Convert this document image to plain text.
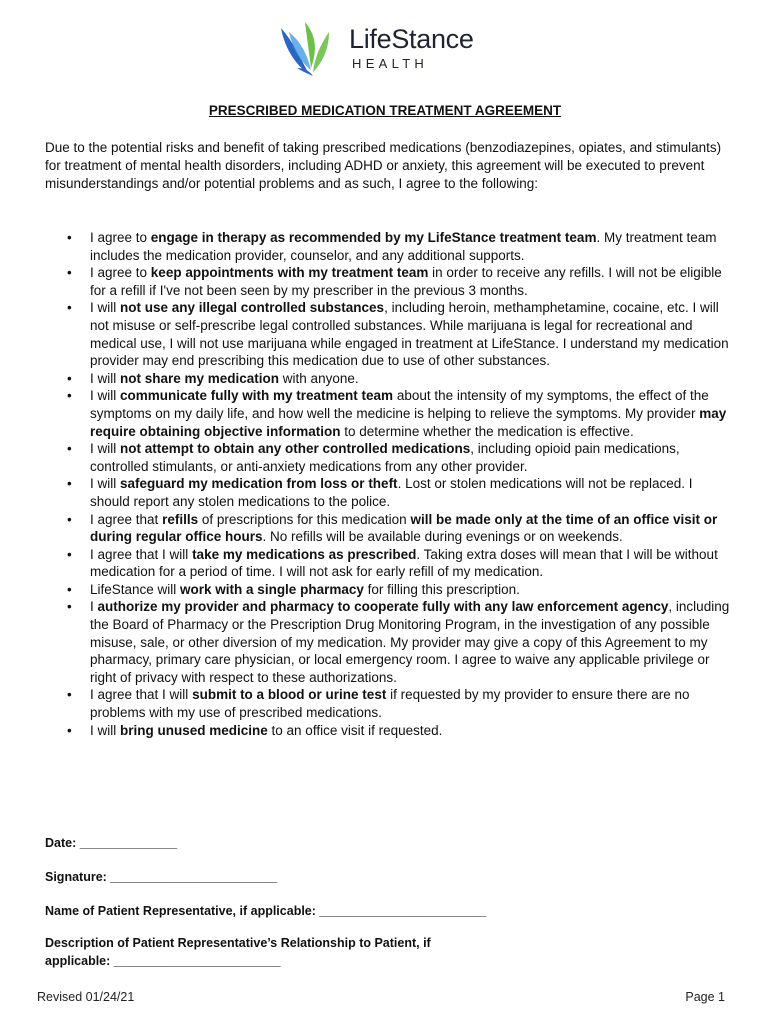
LifeStance
HEALTH
PRESCRIBED MEDICATION TREATMENT AGREEMENT

Due to the potential risks and benefit of taking prescribed medications (benzodiazepines, opiates, and stimulants) for treatment of mental health disorders, including ADHD or anxiety, this agreement will be executed to prevent misunderstandings and/or potential problems and as such, I agree to the following:

• I agree to engage in therapy as recommended by my LifeStance treatment team. My treatment team includes the medication provider, counselor, and any additional supports.
• I agree to keep appointments with my treatment team in order to receive any refills. I will not be eligible for a refill if I've not been seen by my prescriber in the previous 3 months.
• I will not use any illegal controlled substances, including heroin, methamphetamine, cocaine, etc. I will not misuse or self-prescribe legal controlled substances. While marijuana is legal for recreational and medical use, I will not use marijuana while engaged in treatment at LifeStance. I understand my medication provider may end prescribing this medication due to use of other substances.
• I will not share my medication with anyone.
• I will communicate fully with my treatment team about the intensity of my symptoms, the effect of the symptoms on my daily life, and how well the medicine is helping to relieve the symptoms. My provider may require obtaining objective information to determine whether the medication is effective.
• I will not attempt to obtain any other controlled medications, including opioid pain medications, controlled stimulants, or anti-anxiety medications from any other provider.
• I will safeguard my medication from loss or theft. Lost or stolen medications will not be replaced. I should report any stolen medications to the police.
• I agree that refills of prescriptions for this medication will be made only at the time of an office visit or during regular office hours. No refills will be available during evenings or on weekends.
• I agree that I will take my medications as prescribed. Taking extra doses will mean that I will be without medication for a period of time. I will not ask for early refill of my medication.
• LifeStance will work with a single pharmacy for filling this prescription.
• I authorize my provider and pharmacy to cooperate fully with any law enforcement agency, including the Board of Pharmacy or the Prescription Drug Monitoring Program, in the investigation of any possible misuse, sale, or other diversion of my medication. My provider may give a copy of this Agreement to my pharmacy, primary care physician, or local emergency room. I agree to waive any applicable privilege or right of privacy with respect to these authorizations.
• I agree that I will submit to a blood or urine test if requested by my provider to ensure there are no problems with my use of prescribed medications.
• I will bring unused medicine to an office visit if requested.
Date: ______________
Signature: ________________________
Name of Patient Representative, if applicable: ________________________
Description of Patient Representative’s Relationship to Patient, if
applicable: ________________________
Revised 01/24/21	Page 1
